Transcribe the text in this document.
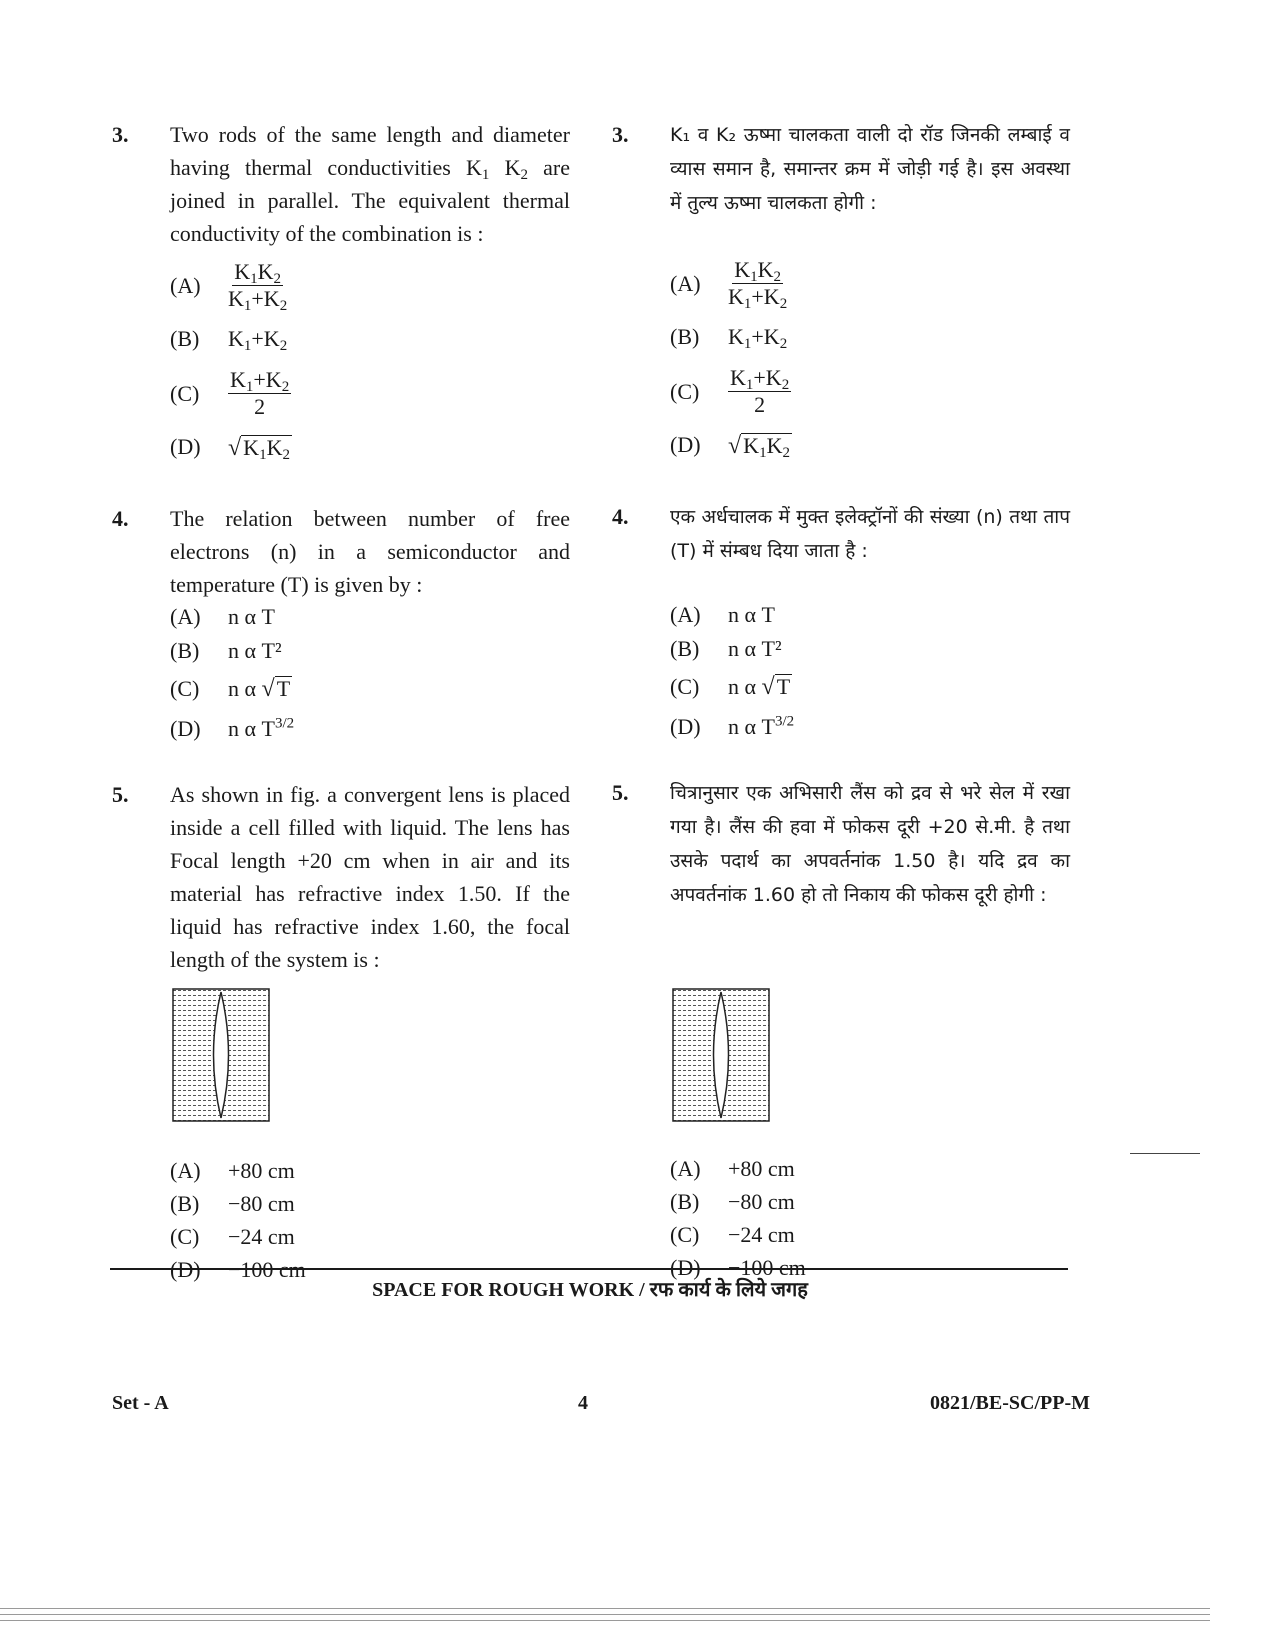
3.	Two rods of the same length and diameter having thermal conductivities $K_1$ $K_2$ are joined in parallel. The equivalent thermal conductivity of the combination is :
(A)	$\frac{K_1K_2}{K_1+K_2}$
(B)	$K_1+K_2$
(C)	$\frac{K_1+K_2}{2}$
(D)	√ $K_1K_2$
4.	The relation between number of free electrons (n) in a semiconductor and temperature (T) is given by :
(A)	n α T
(B)	n α T²
(C)	n α √ T
(D)	n α $T^{3/2}$
5.	As shown in fig. a convergent lens is placed inside a cell filled with liquid. The lens has Focal length +20 cm when in air and its material has refractive index 1.50. If the liquid has refractive index 1.60, the focal length of the system is :
(A)	+80 cm
(B)	−80 cm
(C)	−24 cm
(D)	−100 cm
3.	K₁ व K₂ ऊष्मा चालकता वाली दो रॉड जिनकी लम्बाई व व्यास समान है, समान्तर क्रम में जोड़ी गई है। इस अवस्था में तुल्य ऊष्मा चालकता होगी :
(A)	$\frac{K_1K_2}{K_1+K_2}$
(B)	$K_1+K_2$
(C)	$\frac{K_1+K_2}{2}$
(D)	√ $K_1K_2$
4.	एक अर्धचालक में मुक्त इलेक्ट्रॉनों की संख्या (n) तथा ताप (T) में संम्बध दिया जाता है :
(A)	n α T
(B)	n α T²
(C)	n α √ T
(D)	n α $T^{3/2}$
5.	चित्रानुसार एक अभिसारी लैंस को द्रव से भरे सेल में रखा गया है। लैंस की हवा में फोकस दूरी +20 से.मी. है तथा उसके पदार्थ का अपवर्तनांक 1.50 है। यदि द्रव का अपवर्तनांक 1.60 हो तो निकाय की फोकस दूरी होगी :
(A)	+80 cm
(B)	−80 cm
(C)	−24 cm
(D)	−100 cm
SPACE FOR ROUGH WORK / रफ कार्य के लिये जगह
Set - A	4	0821/BE-SC/PP-M
